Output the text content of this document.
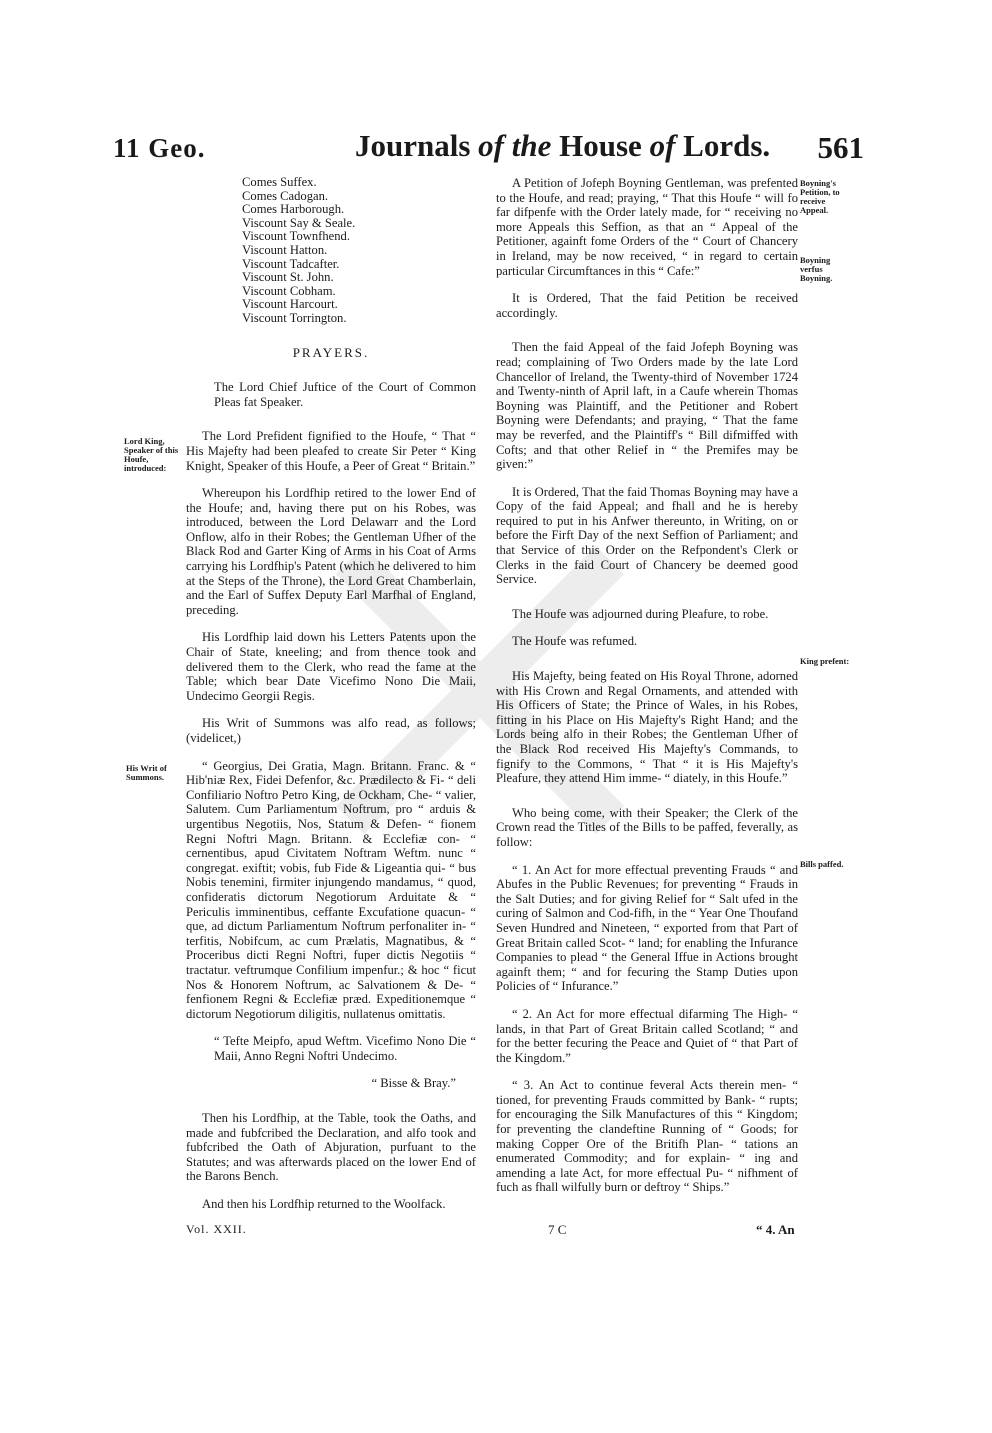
11 Geo.	Journals of the House of Lords. 561
Lord King, Speaker of this Houfe, introduced:
His Writ of Summons.
Boyning's Petition, to receive Appeal.
Boyning verfus Boyning.
King prefent:
Bills paffed.
Comes Suffex.
Comes Cadogan.
Comes Harborough.
Viscount Say & Seale.
Viscount Townfhend.
Viscount Hatton.
Viscount Tadcafter.
Viscount St. John.
Viscount Cobham.
Viscount Harcourt.
Viscount Torrington.

PRAYERS.

The Lord Chief Juftice of the Court of Common Pleas fat Speaker.

The Lord Prefident fignified to the Houfe, “ That “ His Majefty had been pleafed to create Sir Peter “ King Knight, Speaker of this Houfe, a Peer of Great “ Britain.”

Whereupon his Lordfhip retired to the lower End of the Houfe; and, having there put on his Robes, was introduced, between the Lord Delawarr and the Lord Onflow, alfo in their Robes; the Gentleman Ufher of the Black Rod and Garter King of Arms in his Coat of Arms carrying his Lordfhip's Patent (which he delivered to him at the Steps of the Throne), the Lord Great Chamberlain, and the Earl of Suffex Deputy Earl Marfhal of England, preceding.

His Lordfhip laid down his Letters Patents upon the Chair of State, kneeling; and from thence took and delivered them to the Clerk, who read the fame at the Table; which bear Date Vicefimo Nono Die Maii, Undecimo Georgii Regis.

His Writ of Summons was alfo read, as follows; (videlicet,)

“ Georgius, Dei Gratia, Magn. Britann. Franc. & “ Hib'niæ Rex, Fidei Defenfor, &c. Prædilecto & Fi- “ deli Confiliario Noftro Petro King, de Ockham, Che- “ valier, Salutem. Cum Parliamentum Noftrum, pro “ arduis & urgentibus Negotiis, Nos, Statum & Defen- “ fionem Regni Noftri Magn. Britann. & Ecclefiæ con- “ cernentibus, apud Civitatem Noftram Weftm. nunc “ congregat. exiftit; vobis, fub Fide & Ligeantia qui- “ bus Nobis tenemini, firmiter injungendo mandamus, “ quod, confideratis dictorum Negotiorum Arduitate & “ Periculis imminentibus, ceffante Excufatione quacun- “ que, ad dictum Parliamentum Noftrum perfonaliter in- “ terfitis, Nobifcum, ac cum Prælatis, Magnatibus, & “ Proceribus dicti Regni Noftri, fuper dictis Negotiis “ tractatur. veftrumque Confilium impenfur.; & hoc “ ficut Nos & Honorem Noftrum, ac Salvationem & De- “ fenfionem Regni & Ecclefiæ præd. Expeditionemque “ dictorum Negotiorum diligitis, nullatenus omittatis.

“ Tefte Meipfo, apud Weftm. Vicefimo Nono Die “ Maii, Anno Regni Noftri Undecimo.

“ Bisse & Bray.”

Then his Lordfhip, at the Table, took the Oaths, and made and fubfcribed the Declaration, and alfo took and fubfcribed the Oath of Abjuration, purfuant to the Statutes; and was afterwards placed on the lower End of the Barons Bench.

And then his Lordfhip returned to the Woolfack.

A Petition of Jofeph Boyning Gentleman, was prefented to the Houfe, and read; praying, “ That this Houfe “ will fo far difpenfe with the Order lately made, for “ receiving no more Appeals this Seffion, as that an “ Appeal of the Petitioner, againft fome Orders of the “ Court of Chancery in Ireland, may be now received, “ in regard to certain particular Circumftances in this “ Cafe:”

It is Ordered, That the faid Petition be received accordingly.

Then the faid Appeal of the faid Jofeph Boyning was read; complaining of Two Orders made by the late Lord Chancellor of Ireland, the Twenty-third of November 1724 and Twenty-ninth of April laft, in a Caufe wherein Thomas Boyning was Plaintiff, and the Petitioner and Robert Boyning were Defendants; and praying, “ That the fame may be reverfed, and the Plaintiff's “ Bill difmiffed with Cofts; and that other Relief in “ the Premifes may be given:”

It is Ordered, That the faid Thomas Boyning may have a Copy of the faid Appeal; and fhall and he is hereby required to put in his Anfwer thereunto, in Writing, on or before the Firft Day of the next Seffion of Parliament; and that Service of this Order on the Refpondent's Clerk or Clerks in the faid Court of Chancery be deemed good Service.

The Houfe was adjourned during Pleafure, to robe.

The Houfe was refumed.

His Majefty, being feated on His Royal Throne, adorned with His Crown and Regal Ornaments, and attended with His Officers of State; the Prince of Wales, in his Robes, fitting in his Place on His Majefty's Right Hand; and the Lords being alfo in their Robes; the Gentleman Ufher of the Black Rod received His Majefty's Commands, to fignify to the Commons, “ That “ it is His Majefty's Pleafure, they attend Him imme- “ diately, in this Houfe.”

Who being come, with their Speaker; the Clerk of the Crown read the Titles of the Bills to be paffed, feverally, as follow:

“ 1. An Act for more effectual preventing Frauds “ and Abufes in the Public Revenues; for preventing “ Frauds in the Salt Duties; and for giving Relief for “ Salt ufed in the curing of Salmon and Cod-fifh, in the “ Year One Thoufand Seven Hundred and Nineteen, “ exported from that Part of Great Britain called Scot- “ land; for enabling the Infurance Companies to plead “ the General Iffue in Actions brought againft them; “ and for fecuring the Stamp Duties upon Policies of “ Infurance.”

“ 2. An Act for more effectual difarming The High- “ lands, in that Part of Great Britain called Scotland; “ and for the better fecuring the Peace and Quiet of “ that Part of the Kingdom.”

“ 3. An Act to continue feveral Acts therein men- “ tioned, for preventing Frauds committed by Bank- “ rupts; for encouraging the Silk Manufactures of this “ Kingdom; for preventing the clandeftine Running of “ Goods; for making Copper Ore of the Britifh Plan- “ tations an enumerated Commodity; and for explain- “ ing and amending a late Act, for more effectual Pu- “ nifhment of fuch as fhall wilfully burn or deftroy “ Ships.”

Vol. XXII.	7 C	“ 4. An
